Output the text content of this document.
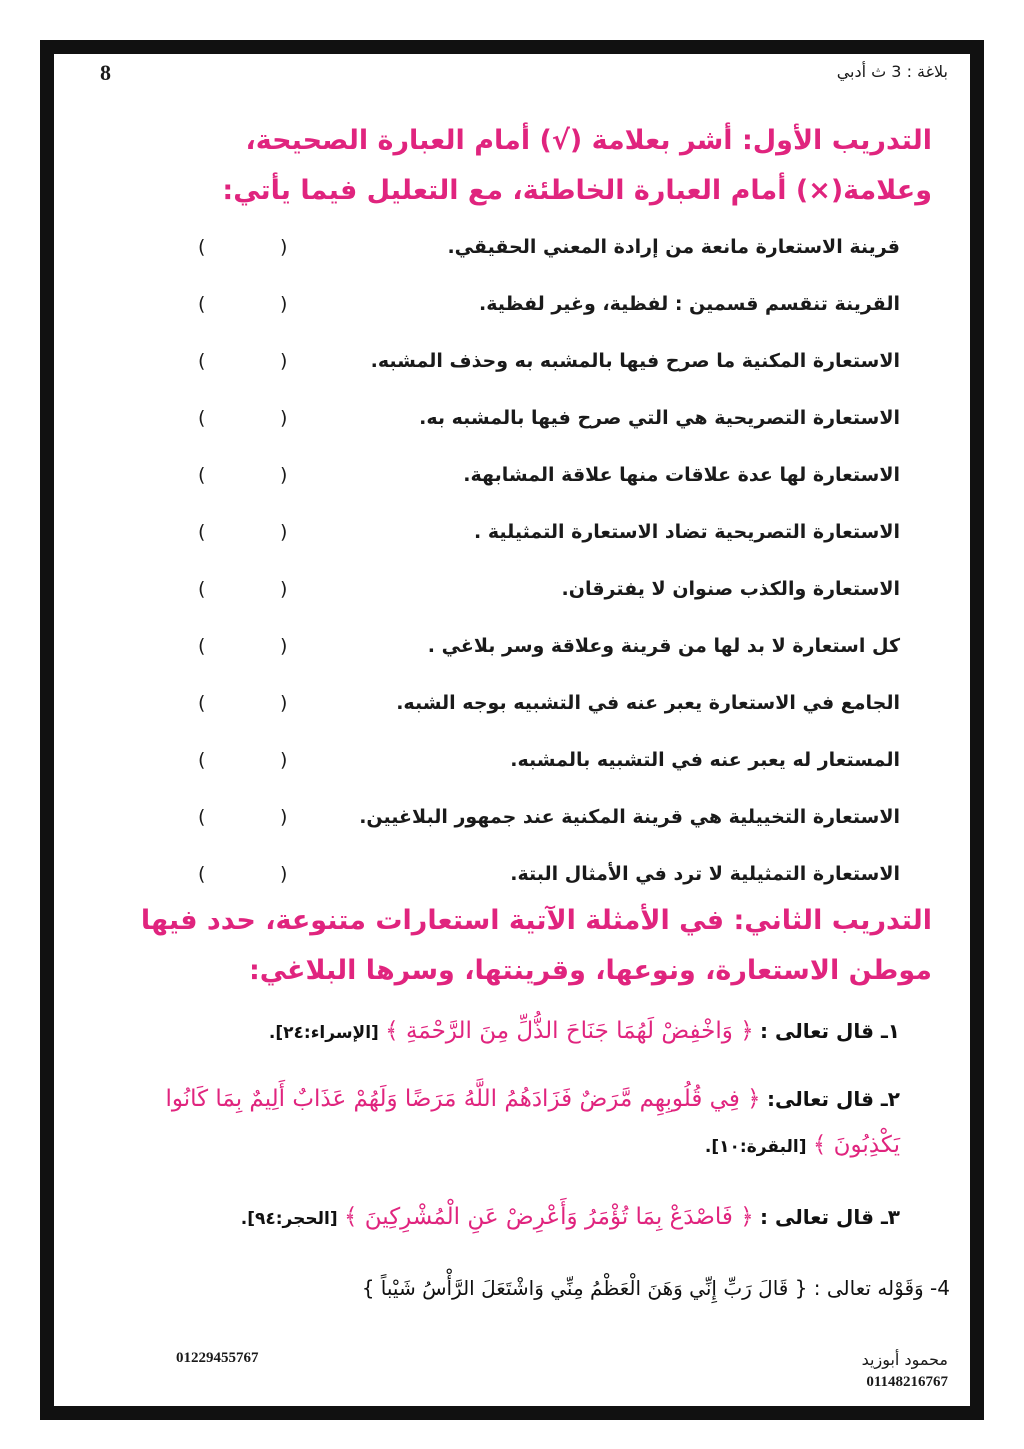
8	بلاغة : 3 ث أدبي
التدريب الأول: أشر بعلامة (√) أمام العبارة الصحيحة، وعلامة(×) أمام العبارة الخاطئة، مع التعليل فيما يأتي:
قرينة الاستعارة مانعة من إرادة المعني الحقيقي.
(
)
القرينة تنقسم قسمين : لفظية، وغير لفظية.
(
)
الاستعارة المكنية ما صرح فيها بالمشبه به وحذف المشبه.
(
)
الاستعارة التصريحية هي التي صرح فيها بالمشبه به.
(
)
الاستعارة لها عدة علاقات منها علاقة المشابهة.
(
)
الاستعارة التصريحية تضاد الاستعارة التمثيلية .
(
)
الاستعارة والكذب صنوان لا يفترقان.
(
)
كل استعارة لا بد لها من قرينة وعلاقة وسر بلاغي .
(
)
الجامع في الاستعارة يعبر عنه في التشبيه بوجه الشبه.
(
)
المستعار له يعبر عنه في التشبيه بالمشبه.
(
)
الاستعارة التخييلية هي قرينة المكنية عند جمهور البلاغيين.
(
)
الاستعارة التمثيلية لا ترد في الأمثال البتة.
(
)
التدريب الثاني: في الأمثلة الآتية استعارات متنوعة، حدد فيها موطن الاستعارة، ونوعها، وقرينتها، وسرها البلاغي:
١ـ قال تعالى : ﴿ وَاخْفِضْ لَهُمَا جَنَاحَ الذُّلِّ مِنَ الرَّحْمَةِ ﴾ [الإسراء:٢٤].
٢ـ قال تعالى: ﴿ فِي قُلُوبِهِم مَّرَضٌ فَزَادَهُمُ اللَّهُ مَرَضًا وَلَهُمْ عَذَابٌ أَلِيمٌ بِمَا كَانُوا يَكْذِبُونَ ﴾ [البقرة:١٠].
٣ـ قال تعالى : ﴿ فَاصْدَعْ بِمَا تُؤْمَرُ وَأَعْرِضْ عَنِ الْمُشْرِكِينَ ﴾ [الحجر:٩٤].
4- وَقَوْله تعالى : { قَالَ رَبِّ إِنِّي وَهَنَ الْعَظْمُ مِنِّي وَاشْتَعَلَ الرَّأْسُ شَيْباً }
محمود أبوزيد
01148216767
01229455767
